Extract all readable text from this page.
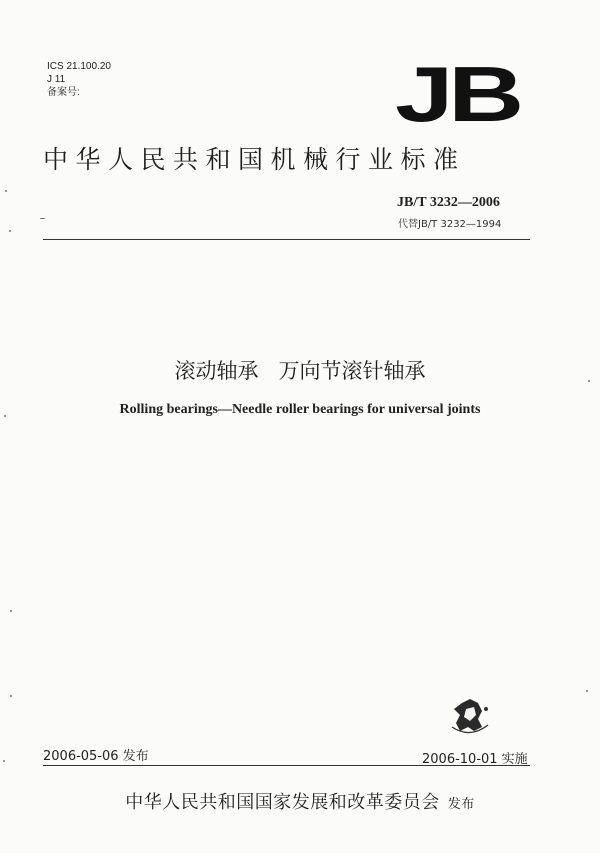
ICS 21.100.20
J 11
备案号:	JB
中华人民共和国机械行业标准
JB/T 3232—2006
代替JB/T 3232—1994
滚动轴承   万向节滚针轴承
Rolling bearings—Needle roller bearings for universal joints
2006-05-06 发布	2006-10-01 实施
中华人民共和国国家发展和改革委员会 发布
